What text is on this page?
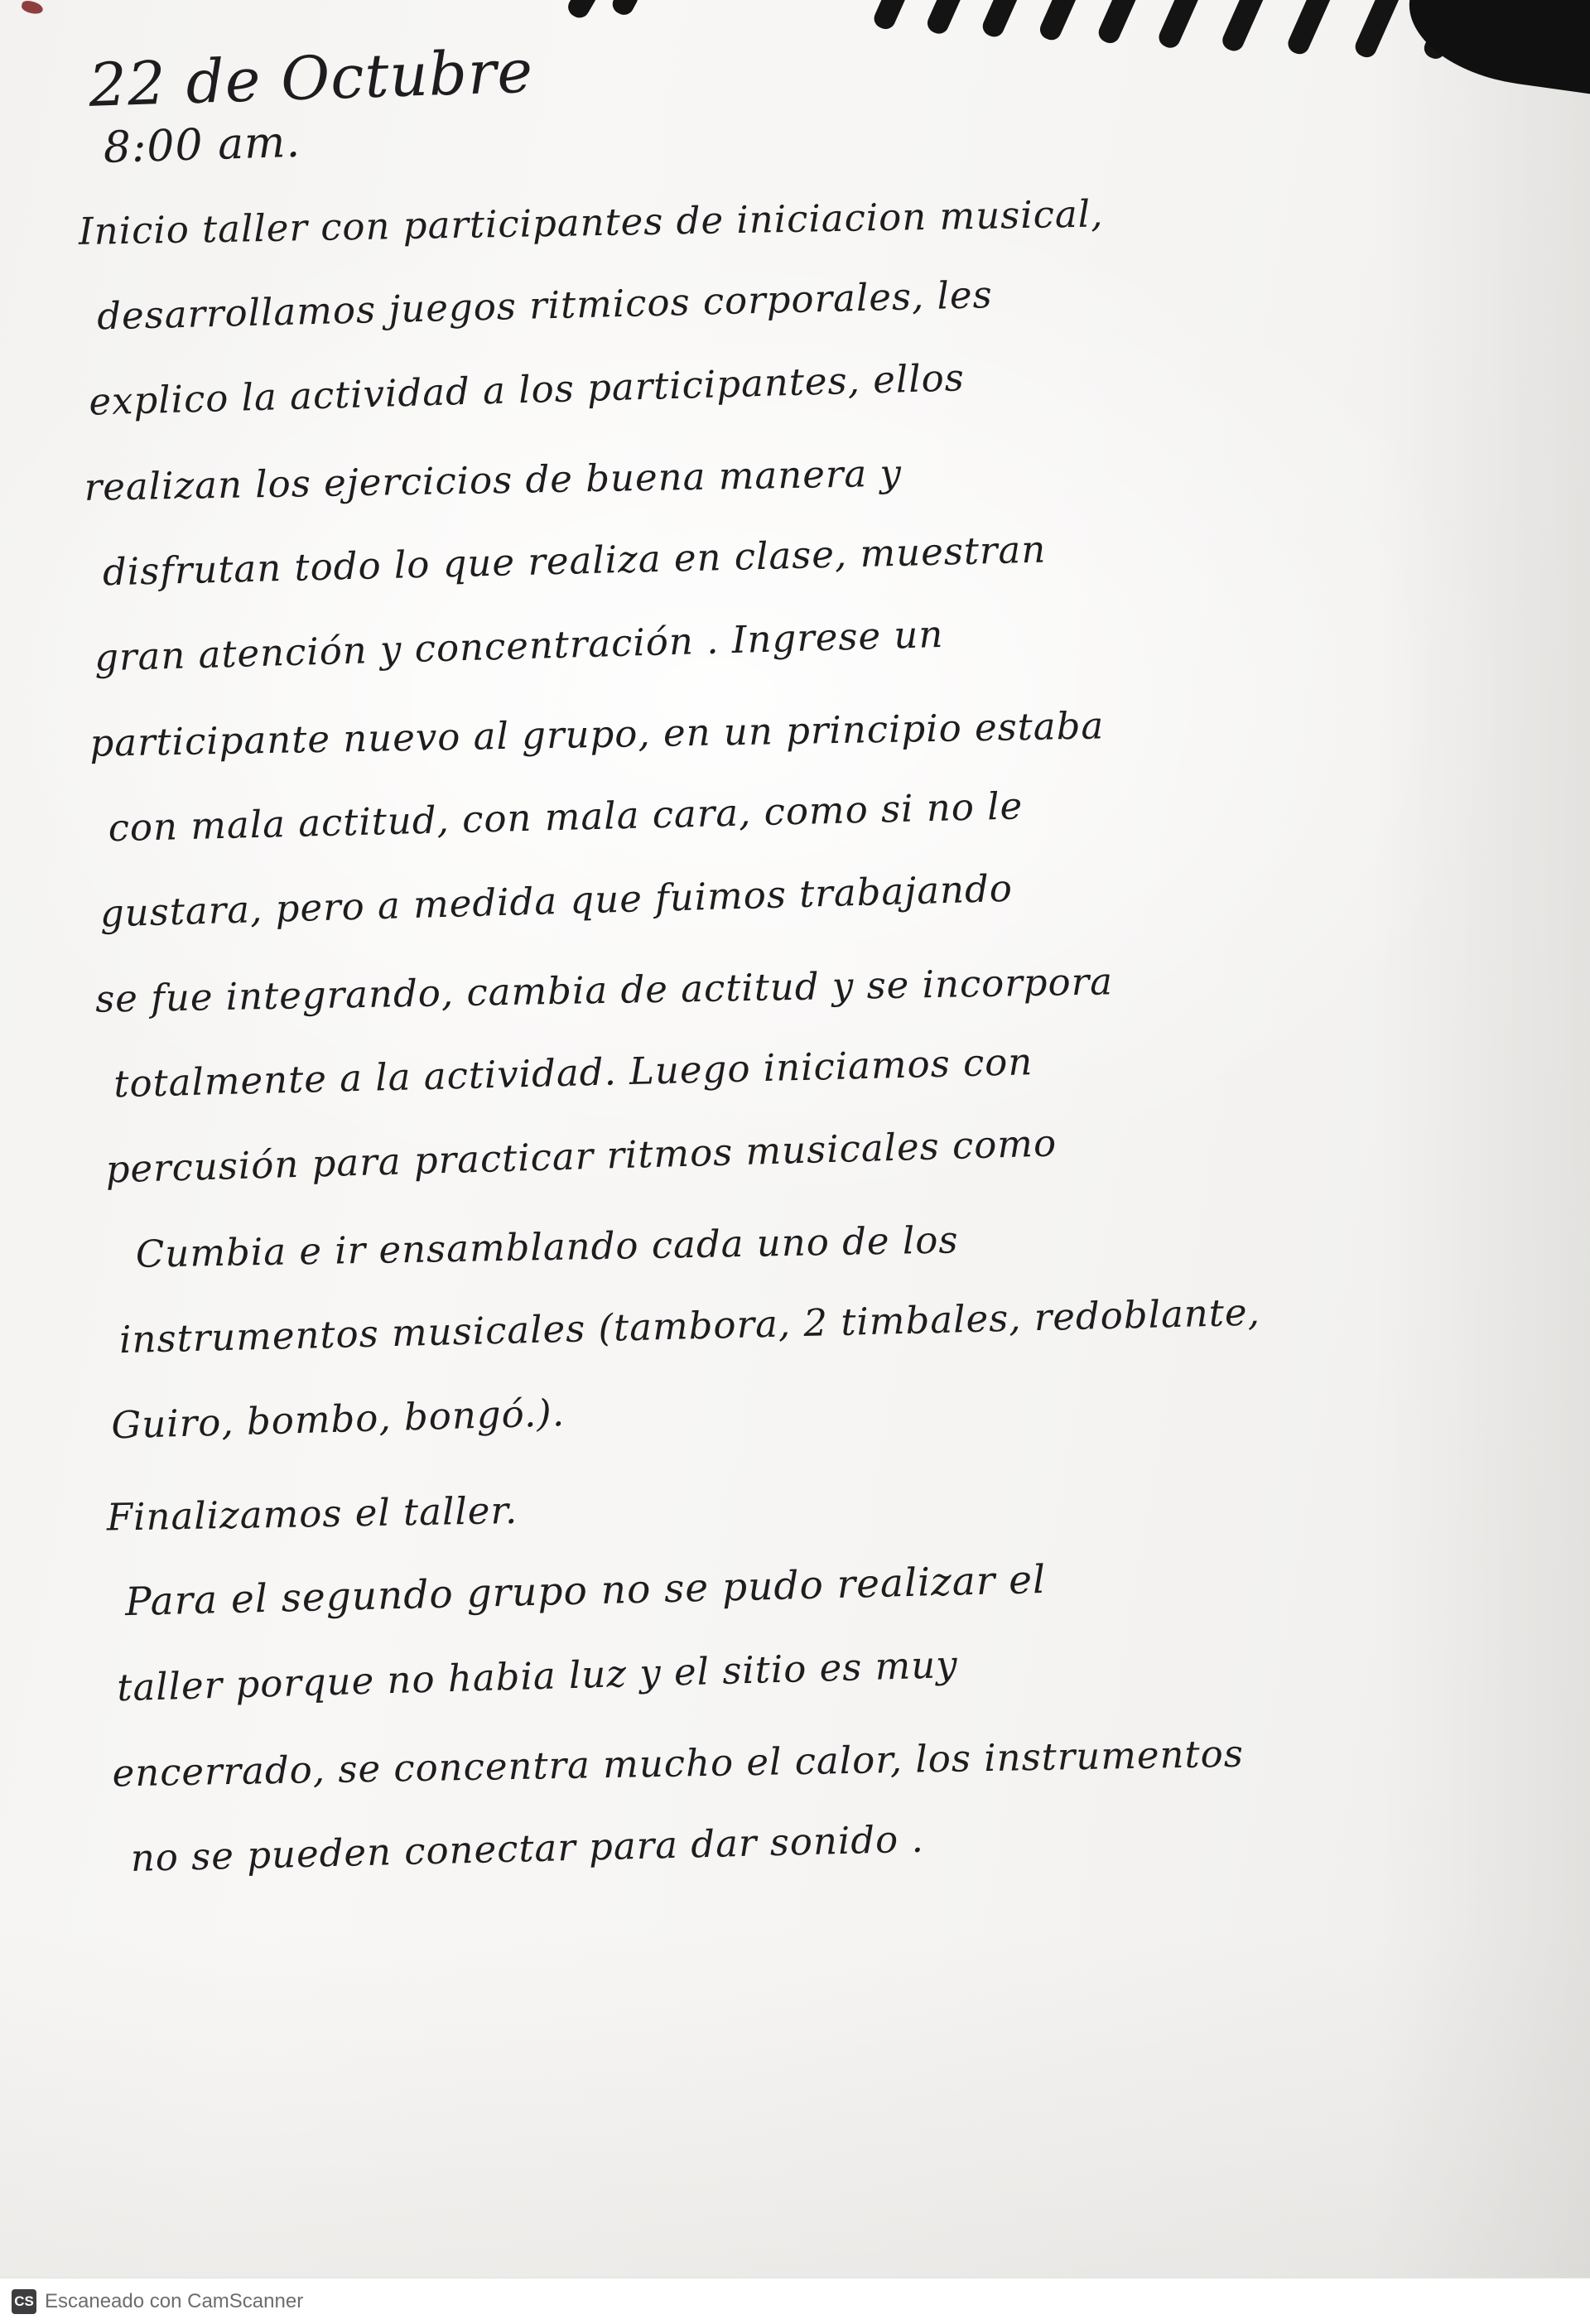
22 de Octubre
8:00 am.
Inicio taller con participantes de iniciacion musical,
desarrollamos juegos ritmicos corporales, les
explico la actividad a los participantes, ellos
realizan los ejercicios de buena manera y
disfrutan todo lo que realiza en clase, muestran
gran atención y concentración . Ingrese un
participante nuevo al grupo, en un principio estaba
con mala actitud, con mala cara, como si no le
gustara, pero a medida que fuimos trabajando
se fue integrando, cambia de actitud y se incorpora
totalmente a la actividad. Luego iniciamos con
percusión para practicar ritmos musicales como
Cumbia e ir ensamblando cada uno de los
instrumentos musicales (tambora, 2 timbales, redoblante,
Guiro, bombo, bongó.).
Finalizamos el taller.
Para el segundo grupo no se pudo realizar el
taller porque no habia luz y el sitio es muy
encerrado, se concentra mucho el calor, los instrumentos
no se pueden conectar para dar sonido .
CS Escaneado con CamScanner
